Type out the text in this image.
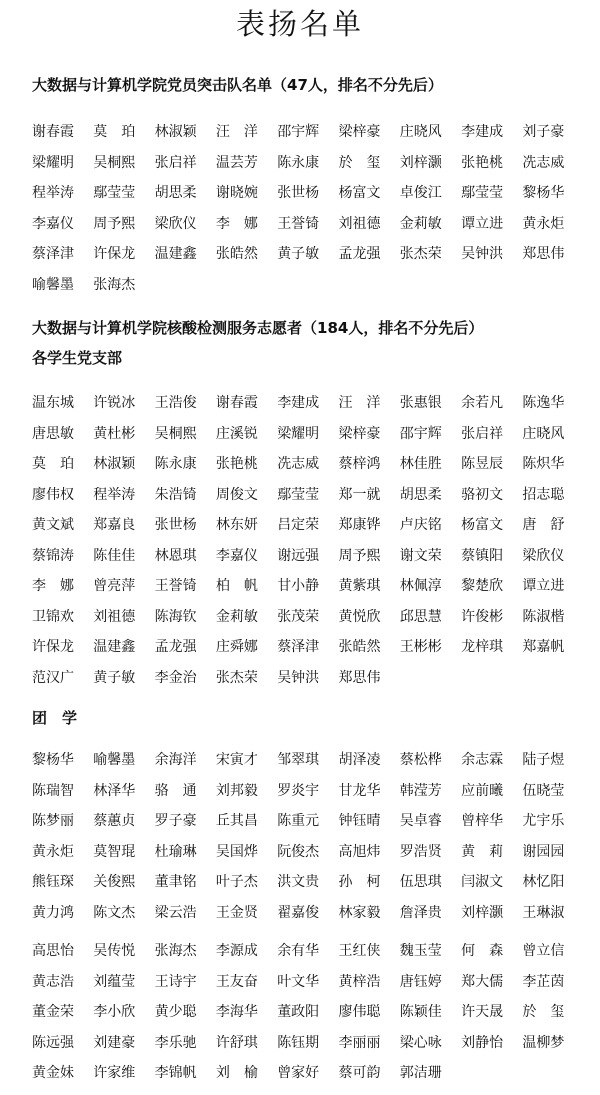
表扬名单
大数据与计算机学院党员突击队名单（47人，排名不分先后）
谢春霞	莫　珀	林淑颖	汪　洋	邵宇辉	梁梓豪	庄晓风	李建成	刘子豪
梁耀明	吴桐熙	张启祥	温芸芳	陈永康	於　玺	刘梓灏	张艳桃	冼志威
程举涛	鄢莹莹	胡思柔	谢晓婉	张世杨	杨富文	卓俊江	鄢莹莹	黎杨华
李嘉仪	周予熙	梁欣仪	李　娜	王誉锜	刘祖德	金莉敏	谭立进	黄永炬
蔡泽津	许保龙	温建鑫	张皓然	黄子敏	孟龙强	张杰荣	吴钟洪	郑思伟
喻馨墨	张海杰
大数据与计算机学院核酸检测服务志愿者（184人，排名不分先后）
各学生党支部
温东城	许锐冰	王浩俊	谢春霞	李建成	汪　洋	张惠银	余若凡	陈逸华
唐思敏	黄杜彬	吴桐熙	庄溪锐	梁耀明	梁梓豪	邵宇辉	张启祥	庄晓风
莫　珀	林淑颖	陈永康	张艳桃	冼志威	蔡梓鸿	林佳胜	陈昱辰	陈炽华
廖伟权	程举涛	朱浩锜	周俊文	鄢莹莹	郑一就	胡思柔	骆初文	招志聪
黄文斌	郑嘉良	张世杨	林东妍	吕定荣	郑康铧	卢庆铭	杨富文	唐　舒
蔡锦涛	陈佳佳	林恩琪	李嘉仪	谢远强	周予熙	谢文荣	蔡镇阳	梁欣仪
李　娜	曾亮萍	王誉锜	柏　帆	甘小静	黄紫琪	林佩淳	黎楚欣	谭立进
卫锦欢	刘祖德	陈海钦	金莉敏	张茂荣	黄悦欣	邱思慧	许俊彬	陈淑楷
许保龙	温建鑫	孟龙强	庄舜娜	蔡泽津	张皓然	王彬彬	龙梓琪	郑嘉帆
范汉广	黄子敏	李金治	张杰荣	吴钟洪	郑思伟
团　学
黎杨华	喻馨墨	余海洋	宋寅才	邹翠琪	胡泽凌	蔡松桦	余志霖	陆子煜
陈瑞智	林泽华	骆　通	刘邦毅	罗炎宇	甘龙华	韩滢芳	应前曦	伍晓莹
陈梦丽	蔡蕙贞	罗子豪	丘其昌	陈重元	钟钰晴	吴卓睿	曾梓华	尤宇乐
黄永炬	莫智琨	杜瑜琳	吴国烨	阮俊杰	高旭炜	罗浩贤	黄　莉	谢园园
熊钰琛	关俊熙	董聿铭	叶子杰	洪文贵	孙　柯	伍思琪	闫淑文	林忆阳
黄力鸿	陈文杰	梁云浩	王金贤	翟嘉俊	林家毅	詹泽贵	刘梓灏	王琳淑
高思怡	吴传悦	张海杰	李源成	余有华	王红侠	魏玉莹	何　森	曾立信
黄志浩	刘蕴莹	王诗宇	王友奋	叶文华	黄梓浩	唐钰婷	郑大儒	李芷茵
董金荣	李小欣	黄少聪	李海华	董政阳	廖伟聪	陈颖佳	许天晟	於　玺
陈远强	刘建豪	李乐驰	许舒琪	陈钰期	李丽丽	梁心咏	刘静怡	温柳梦
黄金妹	许家维	李锦帆	刘　榆	曾家好	蔡可韵	郭洁珊
